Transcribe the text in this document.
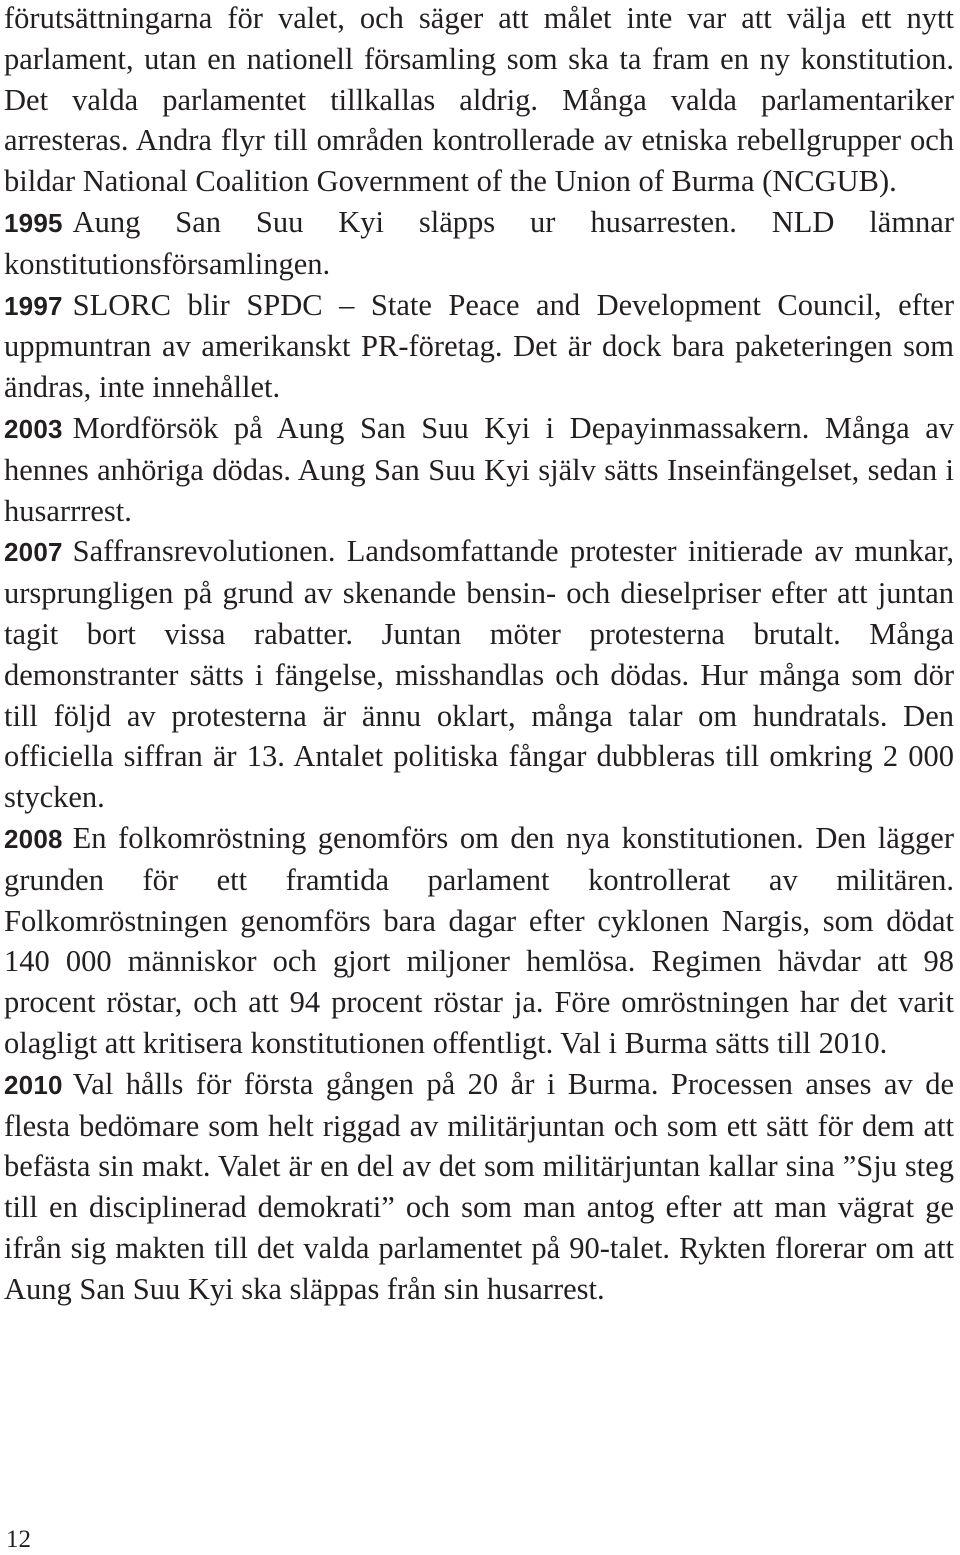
förutsättningarna för valet, och säger att målet inte var att välja ett nytt parlament, utan en nationell församling som ska ta fram en ny konstitution. Det valda parlamentet tillkallas aldrig. Många valda parlamentariker arresteras. Andra flyr till områden kontrollerade av etniska rebellgrupper och bildar National Coalition Government of the Union of Burma (NCGUB).

1995 Aung San Suu Kyi släpps ur husarresten. NLD lämnar konstitutionsförsamlingen.

1997 SLORC blir SPDC – State Peace and Development Council, efter uppmuntran av amerikanskt PR-företag. Det är dock bara paketeringen som ändras, inte innehållet.

2003 Mordförsök på Aung San Suu Kyi i Depayinmassakern. Många av hennes anhöriga dödas. Aung San Suu Kyi själv sätts Inseinfängelset, sedan i husarrrest.

2007 Saffransrevolutionen. Landsomfattande protester initierade av munkar, ursprungligen på grund av skenande bensin- och dieselpriser efter att juntan tagit bort vissa rabatter. Juntan möter protesterna brutalt. Många demonstranter sätts i fängelse, misshandlas och dödas. Hur många som dör till följd av protesterna är ännu oklart, många talar om hundratals. Den officiella siffran är 13. Antalet politiska fångar dubbleras till omkring 2 000 stycken.

2008 En folkomröstning genomförs om den nya konstitutionen. Den lägger grunden för ett framtida parlament kontrollerat av militären. Folkomröstningen genomförs bara dagar efter cyklonen Nargis, som dödat 140 000 människor och gjort miljoner hemlösa. Regimen hävdar att 98 procent röstar, och att 94 procent röstar ja. Före omröstningen har det varit olagligt att kritisera konstitutionen offentligt. Val i Burma sätts till 2010.

2010 Val hålls för första gången på 20 år i Burma. Processen anses av de flesta bedömare som helt riggad av militärjuntan och som ett sätt för dem att befästa sin makt. Valet är en del av det som militärjuntan kallar sina ”Sju steg till en disciplinerad demokrati” och som man antog efter att man vägrat ge ifrån sig makten till det valda parlamentet på 90-talet. Rykten florerar om att Aung San Suu Kyi ska släppas från sin husarrest.

12
